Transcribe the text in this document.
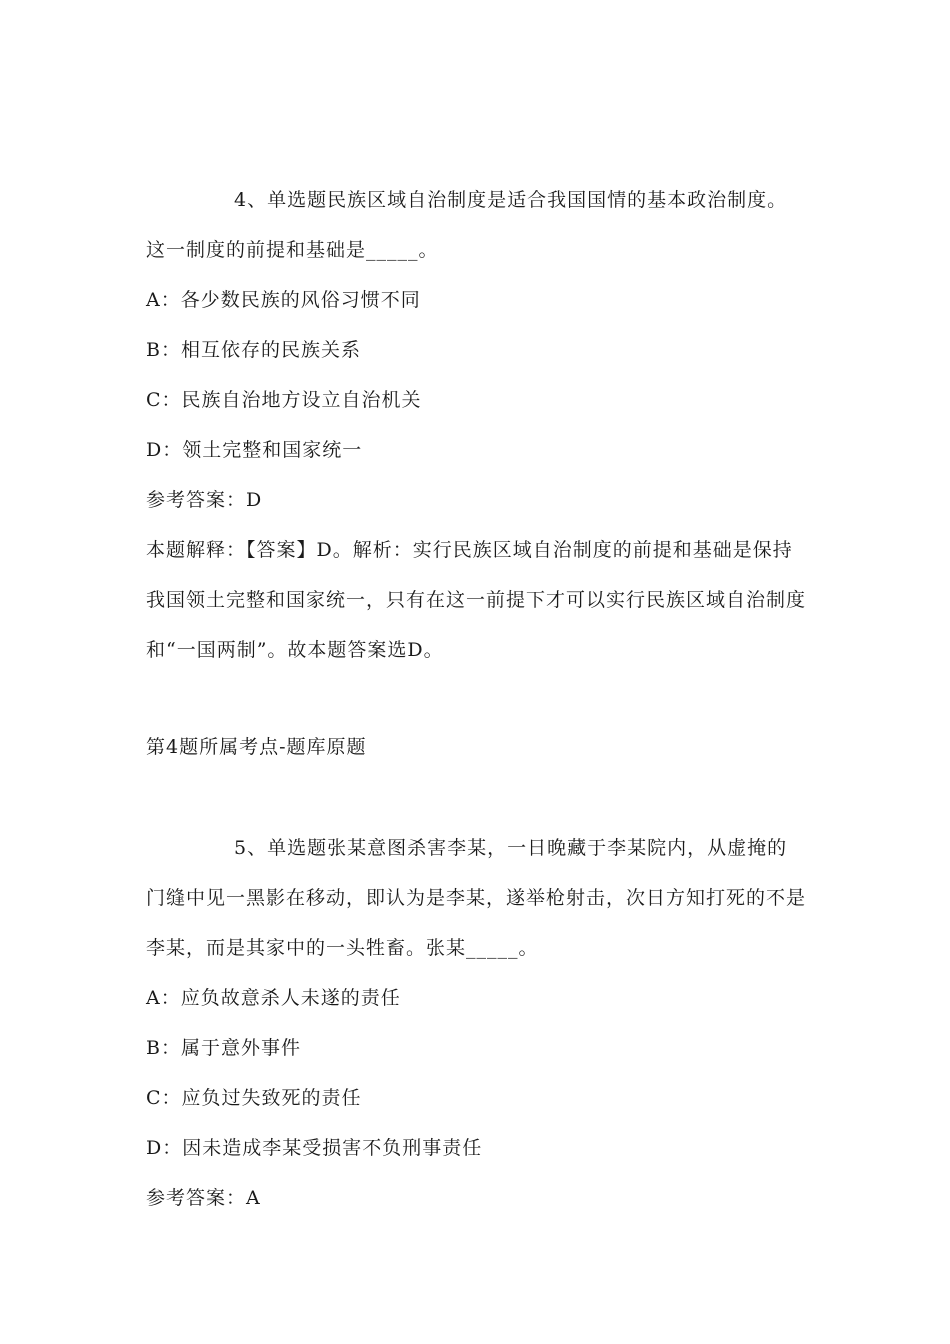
4、单选题民族区域自治制度是适合我国国情的基本政治制度。这一制度的前提和基础是_____。

A：各少数民族的风俗习惯不同

B：相互依存的民族关系

C：民族自治地方设立自治机关

D：领土完整和国家统一

参考答案：D

本题解释：【答案】D。解析：实行民族区域自治制度的前提和基础是保持我国领土完整和国家统一，只有在这一前提下才可以实行民族区域自治制度和“一国两制”。故本题答案选D。

第4题所属考点-题库原题

5、单选题张某意图杀害李某，一日晚藏于李某院内，从虚掩的门缝中见一黑影在移动，即认为是李某，遂举枪射击，次日方知打死的不是李某，而是其家中的一头牲畜。张某_____。

A：应负故意杀人未遂的责任

B：属于意外事件

C：应负过失致死的责任

D：因未造成李某受损害不负刑事责任

参考答案：A
